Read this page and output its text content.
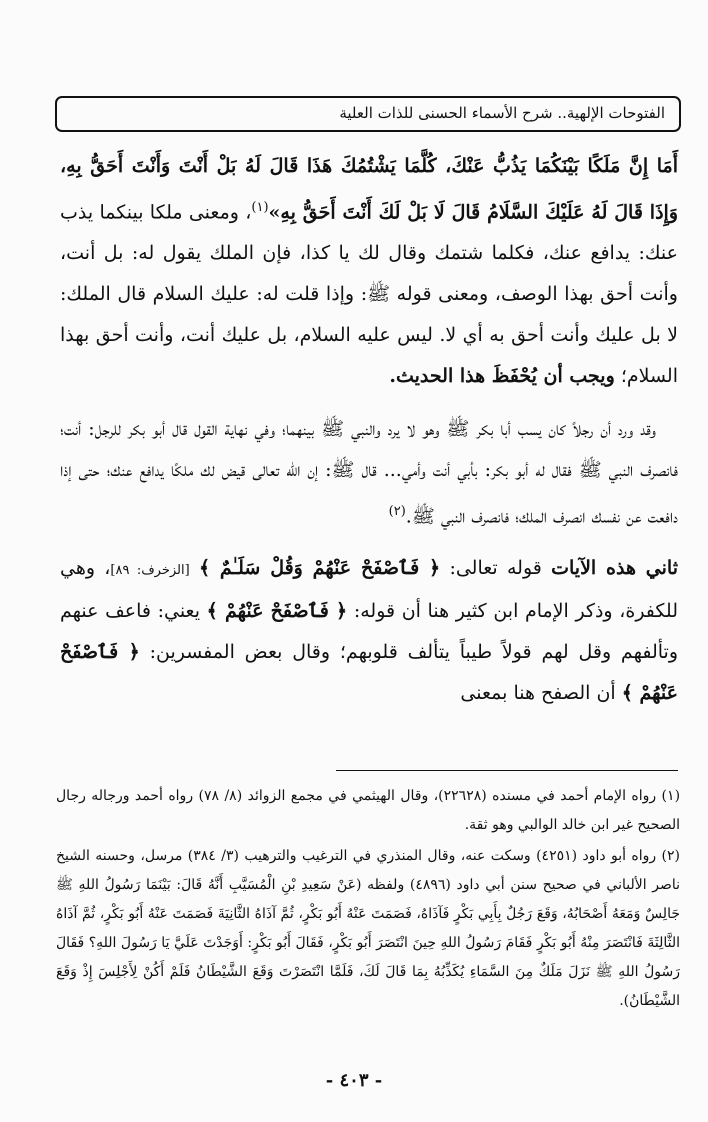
الفتوحات الإلهية.. شرح الأسماء الحسنى للذات العلية

أَمَا إِنَّ مَلَكًا بَيْنَكُمَا يَذُبُّ عَنْكَ، كُلَّمَا يَشْتُمُكَ هَذَا قَالَ لَهُ بَلْ أَنْتَ وَأَنْتَ أَحَقُّ بِهِ، وَإِذَا قَالَ لَهُ عَلَيْكَ السَّلَامُ قَالَ لَا بَلْ لَكَ أَنْتَ أَحَقُّ بِهِ»$^{(١)}$، ومعنى ملكا بينكما يذب عنك: يدافع عنك، فكلما شتمك وقال لك يا كذا، فإن الملك يقول له: بل أنت، وأنت أحق بهذا الوصف، ومعنى قوله ﷺ: وإذا قلت له: عليك السلام قال الملك: لا بل عليك وأنت أحق به أي لا. ليس عليه السلام، بل عليك أنت، وأنت أحق بهذا السلام؛ ويجب أن يُحْفَظَ هذا الحديث.

وقد ورد أن رجلاً كان يسب أبا بكر ﷺ وهو لا يرد والنبي ﷺ بينهما؛ وفي نهاية القول قال أبو بكر للرجل: أنت؛ فانصرف النبي ﷺ فقال له أبو بكر: بأبي أنت وأمي... قال ﷺ: إن الله تعالى قيض لك ملكًا يدافع عنك؛ حتى إذا دافعت عن نفسك انصرف الملك؛ فانصرف النبي ﷺ.$^{(٢)}$

ثاني هذه الآيات قوله تعالى: ﴿ فَٱصْفَحْ عَنْهُمْ وَقُلْ سَلَـٰمٌ ﴾ [الزخرف: ٨٩]، وهي للكفرة، وذكر الإمام ابن كثير هنا أن قوله: ﴿ فَٱصْفَحْ عَنْهُمْ ﴾ يعني: فاعف عنهم وتألفهم وقل لهم قولاً طيباً يتألف قلوبهم؛ وقال بعض المفسرين: ﴿ فَٱصْفَحْ عَنْهُمْ ﴾ أن الصفح هنا بمعنى

(١) رواه الإمام أحمد في مسنده (٢٢٦٢٨)، وقال الهيثمي في مجمع الزوائد (٨/ ٧٨) رواه أحمد ورجاله رجال الصحيح غير ابن خالد الوالبي وهو ثقة.

(٢) رواه أبو داود (٤٢٥١) وسكت عنه، وقال المنذري في الترغيب والترهيب (٣/ ٣٨٤) مرسل، وحسنه الشيخ ناصر الألباني في صحيح سنن أبي داود (٤٨٩٦) ولفظه (عَنْ سَعِيدِ بْنِ الْمُسَيَّبِ أَنَّهُ قَالَ: بَيْنَمَا رَسُولُ اللهِ ﷺ جَالِسٌ وَمَعَهُ أَصْحَابُهُ، وَقَعَ رَجُلٌ بِأَبِي بَكْرٍ فَآذَاهُ، فَصَمَتَ عَنْهُ أَبُو بَكْرٍ، ثُمَّ آذَاهُ الثَّانِيَةَ فَصَمَتَ عَنْهُ أَبُو بَكْرٍ، ثُمَّ آذَاهُ الثَّالِثَةَ فَانْتَصَرَ مِنْهُ أَبُو بَكْرٍ فَقَامَ رَسُولُ اللهِ حِينَ انْتَصَرَ أَبُو بَكْرٍ، فَقَالَ أَبُو بَكْرٍ: أَوَجَدْتَ عَلَيَّ يَا رَسُولَ اللهِ؟ فَقَالَ رَسُولُ اللهِ ﷺ نَزَلَ مَلَكٌ مِنَ السَّمَاءِ يُكَذِّبُهُ بِمَا قَالَ لَكَ، فَلَمَّا انْتَصَرْتَ وَقَعَ الشَّيْطَانُ فَلَمْ أَكُنْ لِأَجْلِسَ إِذْ وَقَعَ الشَّيْطَانُ).

- ٤٠٣ -
